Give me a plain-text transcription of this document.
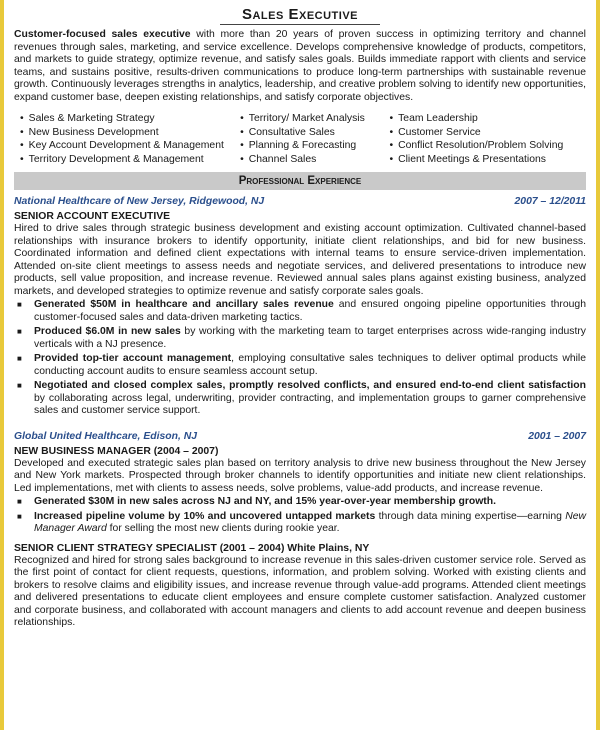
Sales Executive

Customer-focused sales executive with more than 20 years of proven success in optimizing territory and channel revenues through sales, marketing, and service excellence. Develops comprehensive knowledge of products, competitors, and markets to guide strategy, optimize revenue, and satisfy sales goals. Builds immediate rapport with clients and service teams, and sustains positive, results-driven communications to produce long-term partnerships with sustainable revenue growth. Continuously leverages strengths in analytics, leadership, and creative problem solving to identify new opportunities, expand customer base, deepen existing relationships, and satisfy corporate objectives.

• Sales & Marketing Strategy
• New Business Development
• Key Account Development & Management
• Territory Development & Management
• Territory/ Market Analysis
• Consultative Sales
• Planning & Forecasting
• Channel Sales
• Team Leadership
• Customer Service
• Conflict Resolution/Problem Solving
• Client Meetings & Presentations
Professional Experience
National Healthcare of New Jersey, Ridgewood, NJ	2007 – 12/2011
SENIOR ACCOUNT EXECUTIVE

Hired to drive sales through strategic business development and existing account optimization. Cultivated channel-based relationships with insurance brokers to identify opportunity, initiate client relationships, and bid for new business. Coordinated information and defined client expectations with internal teams to ensure service-driven implementation. Attended on-site client meetings to assess needs and negotiate services, and delivered presentations to introduce new products, sell value proposition, and increase revenue. Reviewed annual sales plans against existing business, analyzed markets, and developed strategies to optimize revenue and satisfy corporate sales goals.

■ Generated $50M in healthcare and ancillary sales revenue and ensured ongoing pipeline opportunities through customer-focused sales and data-driven marketing tactics.
■ Produced $6.0M in new sales by working with the marketing team to target enterprises across wide-ranging industry verticals with a NJ presence.
■ Provided top-tier account management, employing consultative sales techniques to deliver optimal products while conducting account audits to ensure seamless account setup.
■ Negotiated and closed complex sales, promptly resolved conflicts, and ensured end-to-end client satisfaction by collaborating across legal, underwriting, provider contracting, and implementation groups to garner comprehensive sales and customer service support.
Global United Healthcare, Edison, NJ	2001 – 2007
NEW BUSINESS MANAGER (2004 – 2007)

Developed and executed strategic sales plan based on territory analysis to drive new business throughout the New Jersey and New York markets. Prospected through broker channels to identify opportunities and initiate new client relationships. Led implementations, met with clients to assess needs, solve problems, value-add products, and increase revenue.

■ Generated $30M in new sales across NJ and NY, and 15% year-over-year membership growth.
■ Increased pipeline volume by 10% and uncovered untapped markets through data mining expertise—earning New Manager Award for selling the most new clients during rookie year.
SENIOR CLIENT STRATEGY SPECIALIST (2001 – 2004) White Plains, NY

Recognized and hired for strong sales background to increase revenue in this sales-driven customer service role. Served as the first point of contact for client requests, questions, information, and problem solving. Worked with existing clients and brokers to resolve claims and eligibility issues, and increase revenue through value-add programs. Attended client meetings and delivered presentations to educate client employees and ensure complete customer satisfaction. Analyzed customer and corporate business, and collaborated with account managers and clients to add account revenue and deepen business relationships.
